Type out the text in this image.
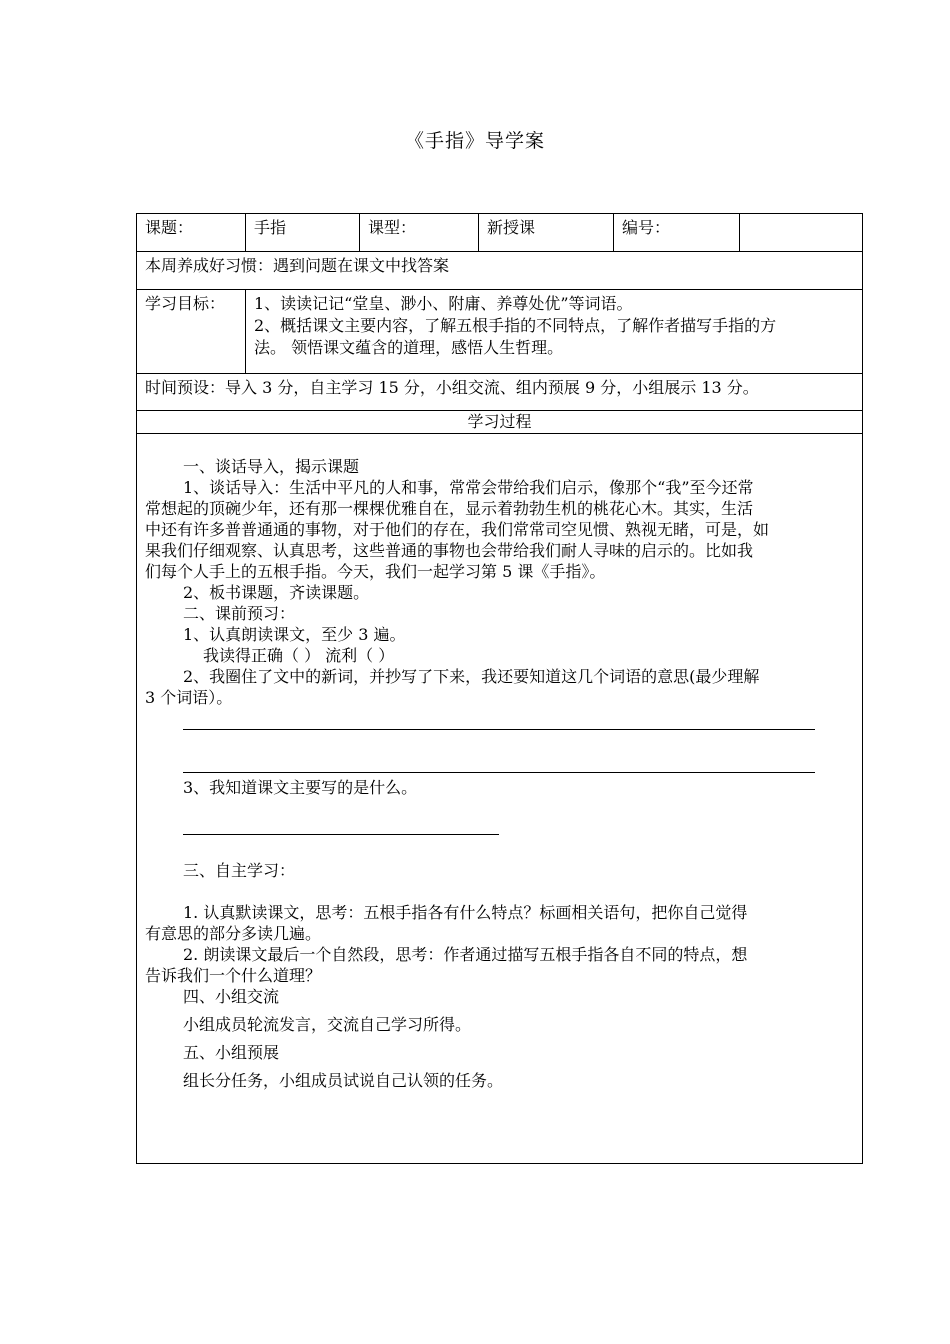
《手指》导学案
课题：	手指	课型：	新授课	编号：
本周养成好习惯：遇到问题在课文中找答案
学习目标：	1、读读记记“堂皇、渺小、附庸、养尊处优”等词语。
2、概括课文主要内容，了解五根手指的不同特点，了解作者描写手指的方
法。 领悟课文蕴含的道理，感悟人生哲理。
时间预设：导入 3 分，自主学习 15 分，小组交流、组内预展 9 分，小组展示 13 分。
学习过程
一、谈话导入，揭示课题
1、谈话导入：生活中平凡的人和事，常常会带给我们启示，像那个“我”至今还常
常想起的顶碗少年，还有那一棵棵优雅自在，显示着勃勃生机的桃花心木。其实，生活
中还有许多普普通通的事物，对于他们的存在，我们常常司空见惯、熟视无睹，可是，如
果我们仔细观察、认真思考，这些普通的事物也会带给我们耐人寻味的启示的。比如我
们每个人手上的五根手指。今天，我们一起学习第 5 课《手指》。
2、板书课题，齐读课题。
二、课前预习：
1、认真朗读课文，至少 3 遍。
我读得正确（ ） 流利（ ）
2、我圈住了文中的新词，并抄写了下来，我还要知道这几个词语的意思(最少理解
3 个词语）。
3、我知道课文主要写的是什么。
三、自主学习：
1. 认真默读课文，思考：五根手指各有什么特点？标画相关语句，把你自己觉得
有意思的部分多读几遍。
2. 朗读课文最后一个自然段，思考：作者通过描写五根手指各自不同的特点，想
告诉我们一个什么道理？
四、小组交流
小组成员轮流发言，交流自己学习所得。
五、小组预展
组长分任务，小组成员试说自己认领的任务。
